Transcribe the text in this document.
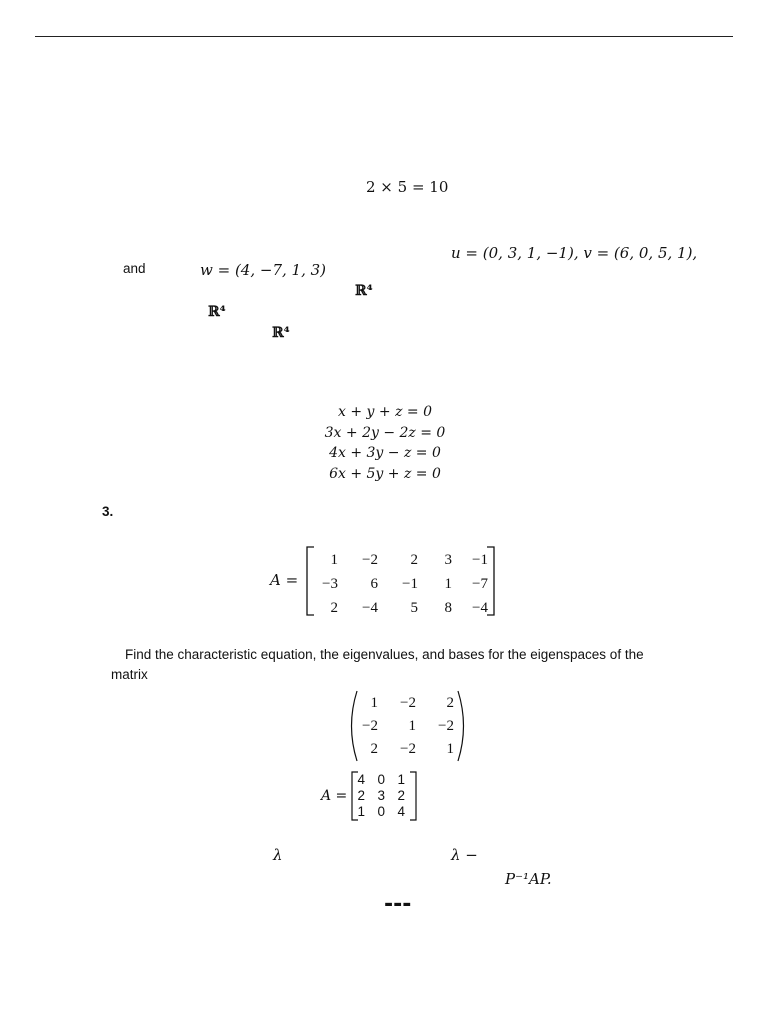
2 × 5 = 10
u = (0, 3, 1, −1), v = (6, 0, 5, 1),
and	w = (4, −7, 1, 3)
ℝ⁴
ℝ⁴
ℝ⁴
x + y + z = 0
3x + 2y − 2z = 0
4x + 3y − z = 0
6x + 5y + z = 0
3.
A =
1	−2	2	3	−1
−3	6	−1	1	−7
2	−4	5	8	−4
Find the characteristic equation, the eigenvalues, and bases for the eigenspaces of the
matrix
1	−2	2
−2	1	−2
2	−2	1
A =
4	0	1
2	3	2
1	0	4
λ	λ −
P⁻¹AP.
---
